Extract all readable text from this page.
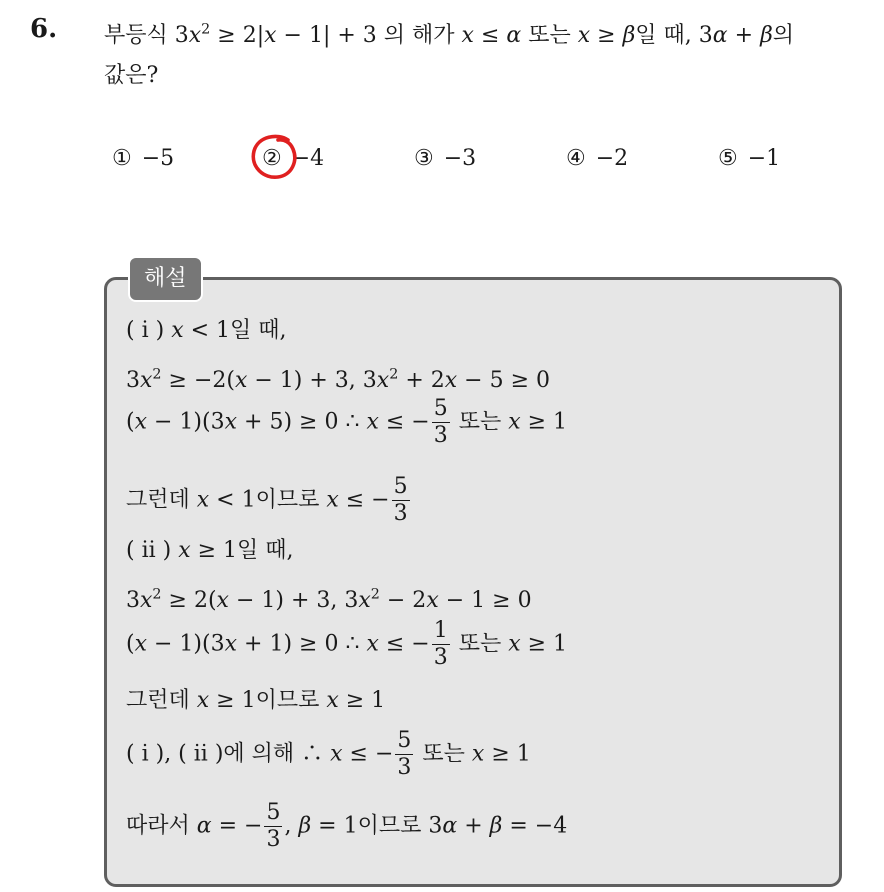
6. 부등식 $3x^2 \ge 2|x - 1| + 3$ 의 해가 x ≤ α 또는 x ≥ β일 때, 3α + β의
값은?
① −5	② −4	③ −3	④ −2	⑤ −1
해설
( i ) x < 1일 때,
$3x^2 \ge -2(x - 1) + 3$, $3x^2 + 2x - 5 \ge 0$
(x − 1)(3x + 5) ≥ 0 ∴ x ≤ − $\frac{5}{3}$ 또는 x ≥ 1
그런데 x < 1이므로 x ≤ − $\frac{5}{3}$
( ii ) x ≥ 1일 때,
$3x^2 \ge 2(x - 1) + 3$, $3x^2 - 2x - 1 \ge 0$
(x − 1)(3x + 1) ≥ 0 ∴ x ≤ − $\frac{1}{3}$ 또는 x ≥ 1
그런데 x ≥ 1이므로 x ≥ 1
( i ), ( ii )에 의해 ∴ x ≤ − $\frac{5}{3}$ 또는 x ≥ 1
따라서 α = − $\frac{5}{3}$ , β = 1이므로 3α + β = −4
